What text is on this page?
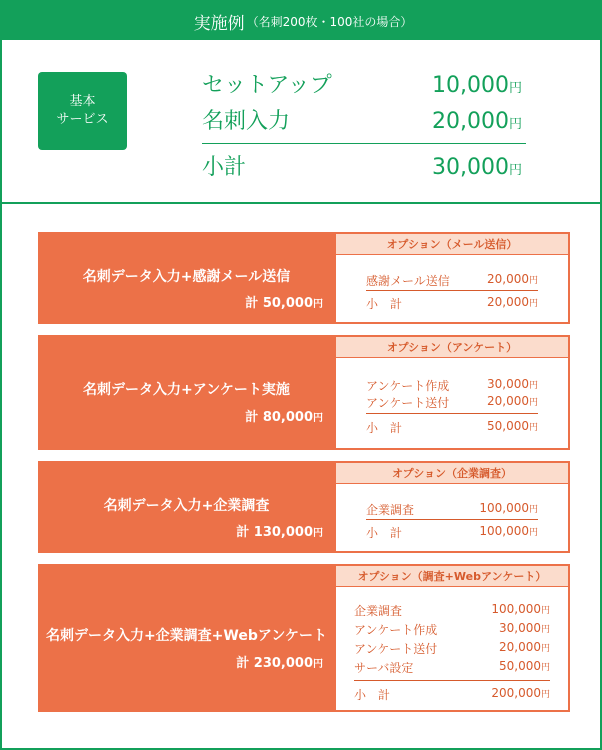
実施例 （名刺200枚・100社の場合）
基本
サービス
セットアップ	10,000円
名刺入力	20,000円
小計	30,000円
名刺データ入力+感謝メール送信
計 50,000円
オプション（メール送信）
感謝メール送信	20,000円
小　計	20,000円
名刺データ入力+アンケート実施
計 80,000円
オプション（アンケート）
アンケート作成	30,000円
アンケート送付	20,000円
小　計	50,000円
名刺データ入力+企業調査
計 130,000円
オプション（企業調査）
企業調査	100,000円
小　計	100,000円
名刺データ入力+企業調査+Webアンケート
計 230,000円
オプション（調査+Webアンケート）
企業調査	100,000円
アンケート作成	30,000円
アンケート送付	20,000円
サーバ設定	50,000円
小　計	200,000円
